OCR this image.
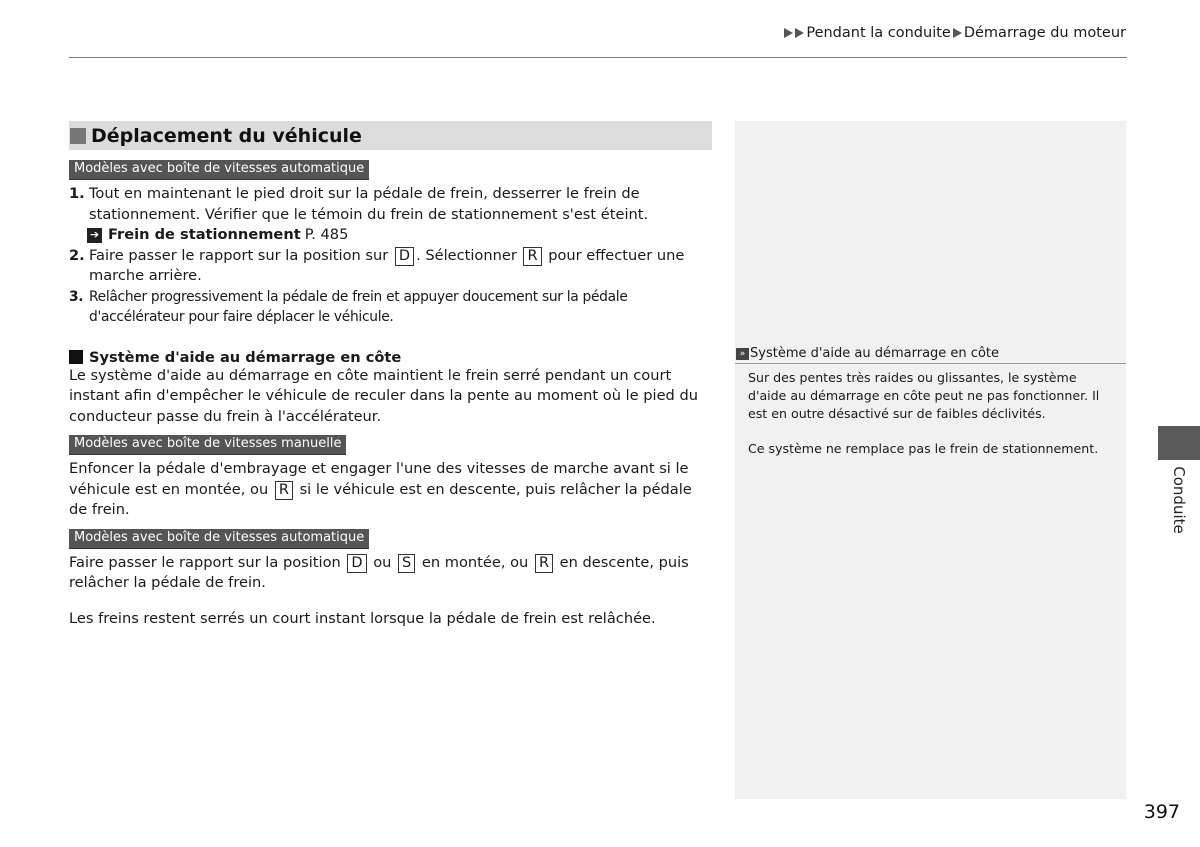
Pendant la conduite Démarrage du moteur
Déplacement du véhicule
Modèles avec boîte de vitesses automatique
1. Tout en maintenant le pied droit sur la pédale de frein, desserrer le frein de stationnement. Vérifier que le témoin du frein de stationnement s'est éteint.
➔ Frein de stationnement P. 485
2. Faire passer le rapport sur la position sur D . Sélectionner R pour effectuer une marche arrière.
3. Relâcher progressivement la pédale de frein et appuyer doucement sur la pédale d'accélérateur pour faire déplacer le véhicule.
Système d'aide au démarrage en côte

Le système d'aide au démarrage en côte maintient le frein serré pendant un court instant afin d'empêcher le véhicule de reculer dans la pente au moment où le pied du conducteur passe du frein à l'accélérateur.

Modèles avec boîte de vitesses manuelle

Enfoncer la pédale d'embrayage et engager l'une des vitesses de marche avant si le véhicule est en montée, ou R si le véhicule est en descente, puis relâcher la pédale de frein.

Modèles avec boîte de vitesses automatique

Faire passer le rapport sur la position D ou S en montée, ou R en descente, puis relâcher la pédale de frein.

Les freins restent serrés un court instant lorsque la pédale de frein est relâchée.

» Système d'aide au démarrage en côte

Sur des pentes très raides ou glissantes, le système d'aide au démarrage en côte peut ne pas fonctionner. Il est en outre désactivé sur de faibles déclivités.

Ce système ne remplace pas le frein de stationnement.

Conduite
397
